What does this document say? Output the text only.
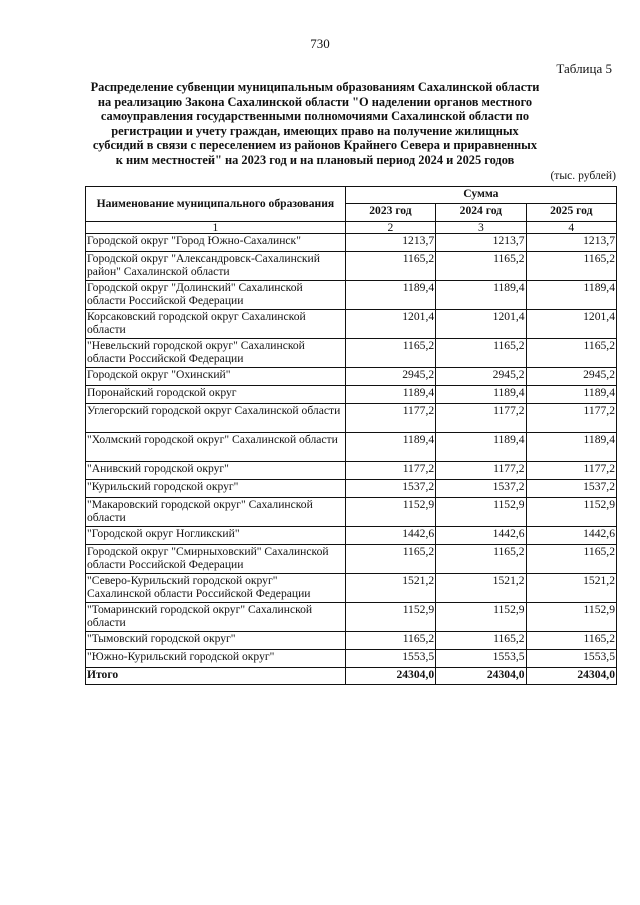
730
Таблица 5
Распределение субвенции муниципальным образованиям Сахалинской области на реализацию Закона Сахалинской области "О наделении органов местного самоуправления государственными полномочиями Сахалинской области по регистрации и учету граждан, имеющих право на получение жилищных субсидий в связи с переселением из районов Крайнего Севера и приравненных к ним местностей" на 2023 год и на плановый период 2024 и 2025 годов
(тыс. рублей)
Наименование муниципального образования	Сумма		
	2023 год	2024 год	2025 год
1	2	3	4
Городской округ "Город Южно-Сахалинск"	1213,7	1213,7	1213,7
Городской округ "Александровск-Сахалинский район" Сахалинской области	1165,2	1165,2	1165,2
Городской округ "Долинский" Сахалинской области Российской Федерации	1189,4	1189,4	1189,4
Корсаковский городской округ Сахалинской области	1201,4	1201,4	1201,4
"Невельский городской округ" Сахалинской области Российской Федерации	1165,2	1165,2	1165,2
Городской округ "Охинский"	2945,2	2945,2	2945,2
Поронайский городской округ	1189,4	1189,4	1189,4
Углегорский городской округ Сахалинской области	1177,2	1177,2	1177,2
"Холмский городской округ" Сахалинской области	1189,4	1189,4	1189,4
"Анивский городской округ"	1177,2	1177,2	1177,2
"Курильский городской округ"	1537,2	1537,2	1537,2
"Макаровский городской округ" Сахалинской области	1152,9	1152,9	1152,9
"Городской округ Ногликский"	1442,6	1442,6	1442,6
Городской округ "Смирныховский" Сахалинской области Российской Федерации	1165,2	1165,2	1165,2
"Северо-Курильский городской округ" Сахалинской области Российской Федерации	1521,2	1521,2	1521,2
"Томаринский городской округ" Сахалинской области	1152,9	1152,9	1152,9
"Тымовский городской округ"	1165,2	1165,2	1165,2
"Южно-Курильский городской округ"	1553,5	1553,5	1553,5
Итого	24304,0	24304,0	24304,0
